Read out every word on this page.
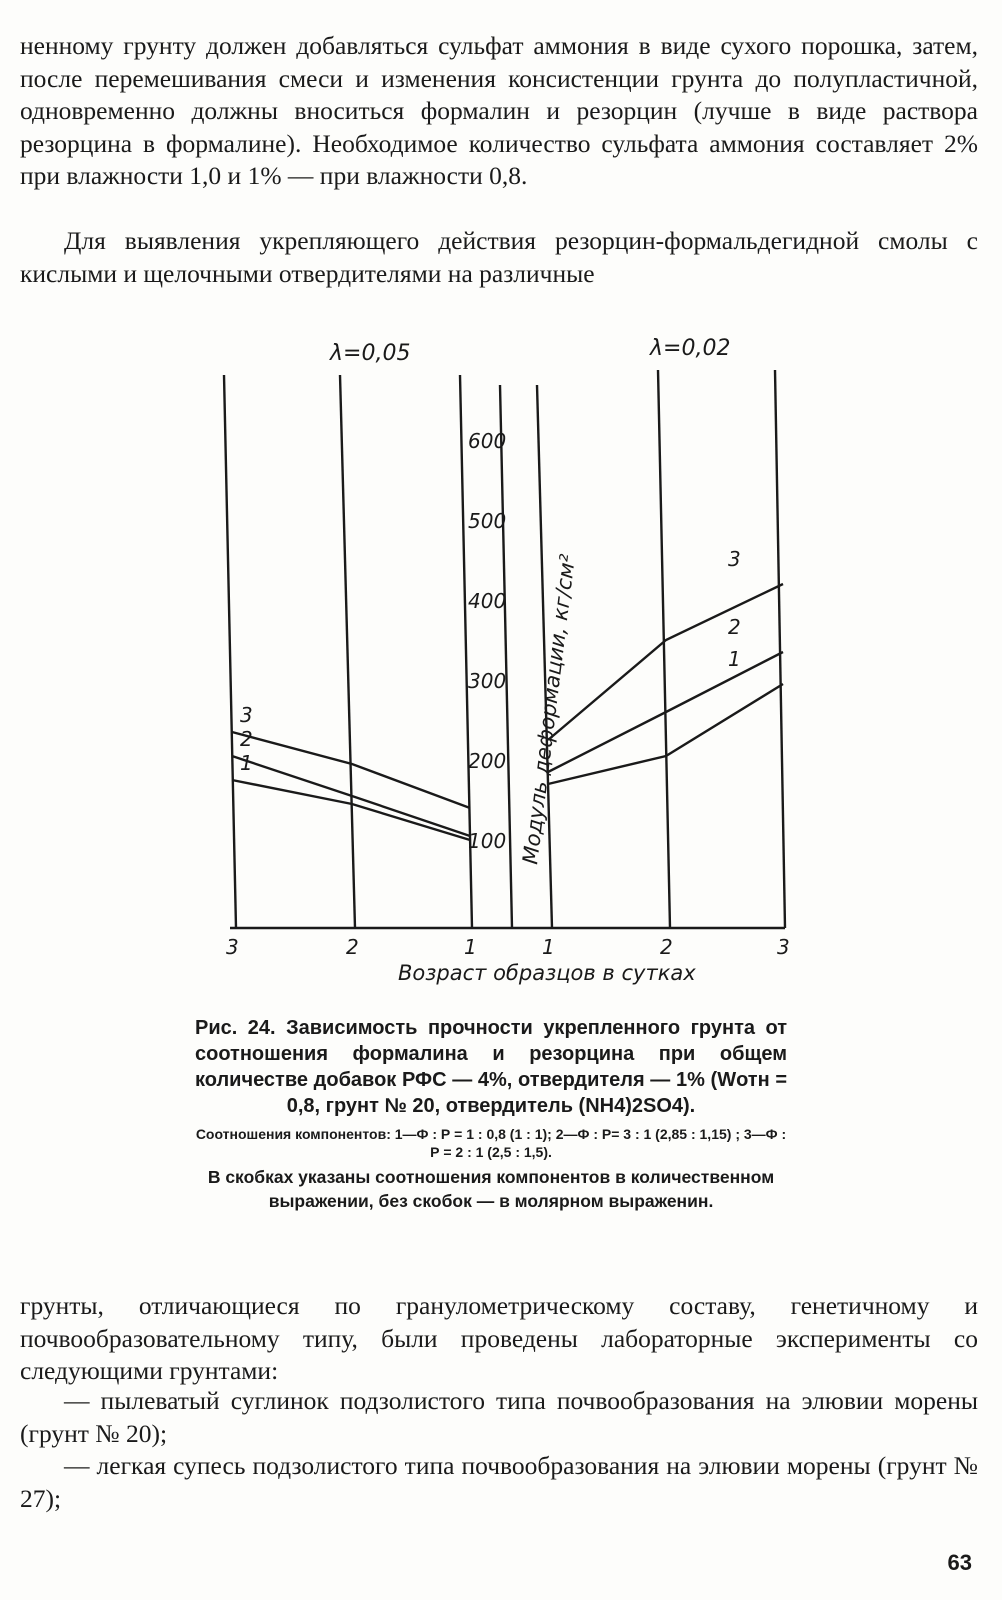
ненному грунту должен добавляться сульфат аммония в виде сухого порошка, затем, после перемешивания смеси и изменения консистенции грунта до полупластичной, одновременно должны вноситься формалин и резорцин (лучше в виде раствора резорцина в формалине). Необходимое количество сульфата аммония составляет 2% при влажности 1,0 и 1% — при влажности 0,8.

Для выявления укрепляющего действия резорцин-формальдегидной смолы с кислыми и щелочными отвердителями на различные

1
2
3
1
2
3
100
200
300
400
500
600
3	2	1	1	2	3
λ=0,05	λ=0,02
Модуль деформации, кг/см²
Возраст образцов в сутках

Рис. 24. Зависимость прочности укрепленного грунта от соотношения формалина и резорцина при общем количестве добавок РФС — 4%, отвердителя — 1% (Wотн = 0,8, грунт № 20, отвердитель (NH4)2SO4).

Соотношения компонентов: 1—Ф : Р = 1 : 0,8 (1 : 1); 2—Ф : Р= 3 : 1 (2,85 : 1,15) ; 3—Ф : Р = 2 : 1 (2,5 : 1,5).

В скобках указаны соотношения компонентов в количественном выражении, без скобок — в молярном выраженин.

грунты, отличающиеся по гранулометрическому составу, генетичному и почвообразовательному типу, были проведены лабораторные эксперименты со следующими грунтами:

— пылеватый суглинок подзолистого типа почвообразования на элювии морены (грунт № 20);

— легкая супесь подзолистого типа почвообразования на элювии морены (грунт № 27);

63
